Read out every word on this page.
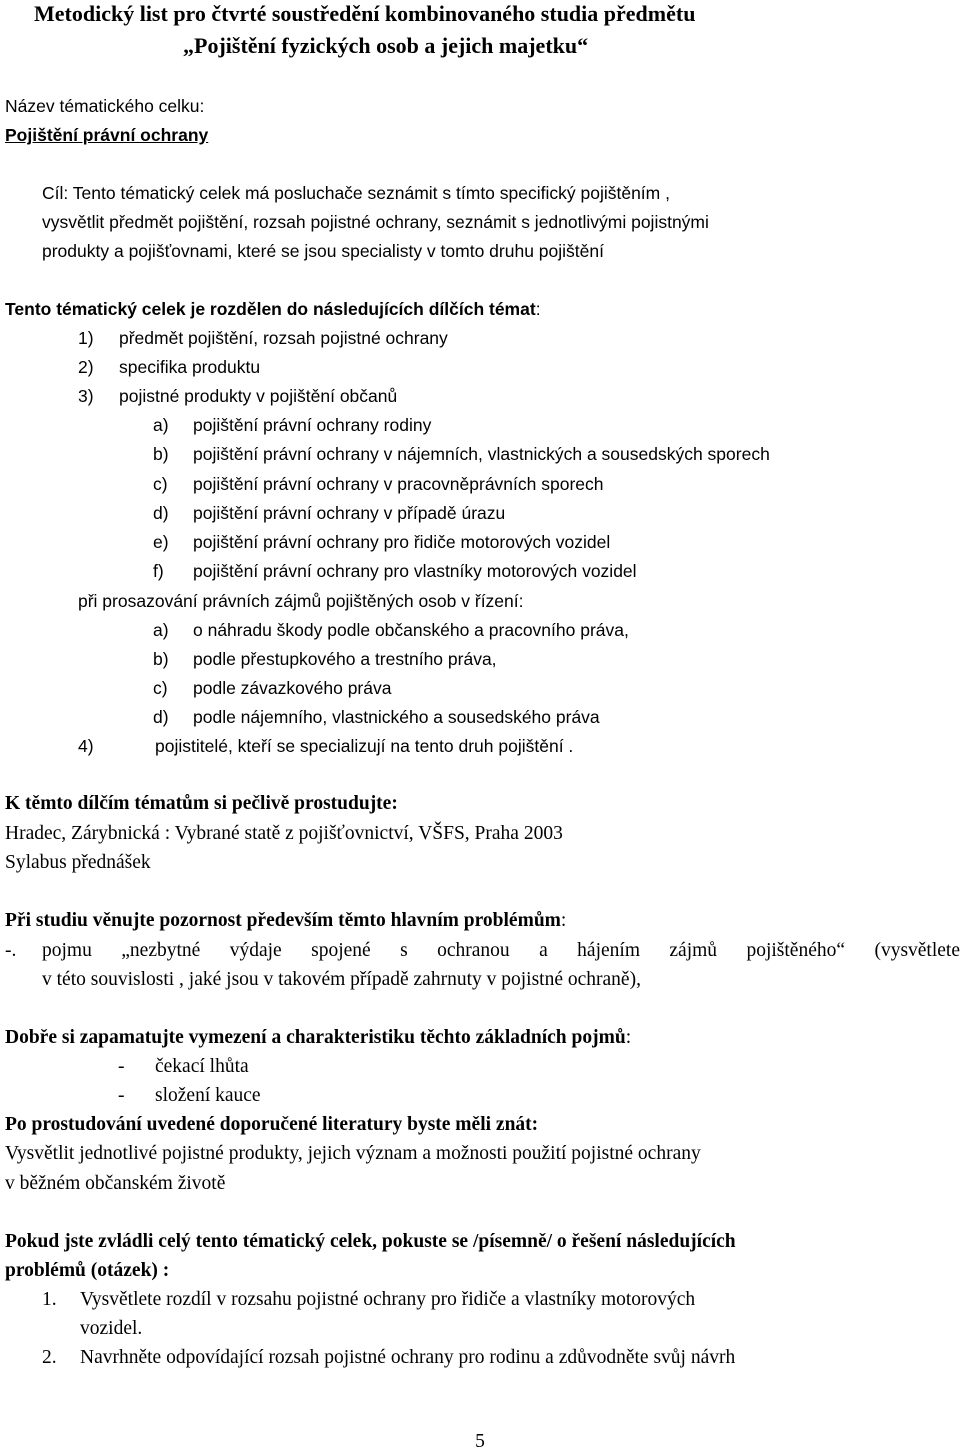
Metodický list pro čtvrté soustředění kombinovaného studia předmětu
„Pojištění fyzických osob a jejich majetku“
Název tématického celku:
Pojištění právní ochrany
Cíl: Tento tématický celek má posluchače seznámit s tímto specifický pojištěním ,
vysvětlit předmět pojištění, rozsah pojistné ochrany, seznámit s jednotlivými pojistnými
produkty a pojišťovnami, které se jsou specialisty v tomto druhu pojištění
Tento tématický celek je rozdělen do následujících dílčích témat:
1) předmět pojištění, rozsah pojistné ochrany
2) specifika produktu
3) pojistné produkty v pojištění občanů
a) pojištění právní ochrany rodiny
b) pojištění právní ochrany v nájemních, vlastnických a sousedských sporech
c) pojištění právní ochrany v pracovněprávních sporech
d) pojištění právní ochrany v případě úrazu
e) pojištění právní ochrany pro řidiče motorových vozidel
f) pojištění právní ochrany pro vlastníky motorových vozidel
při prosazování právních zájmů pojištěných osob v řízení:
a) o náhradu škody podle občanského a pracovního práva,
b) podle přestupkového a trestního práva,
c) podle závazkového práva
d) podle nájemního, vlastnického a sousedského práva
4)	pojistitelé, kteří se specializují na tento druh pojištění .
K těmto dílčím tématům si pečlivě prostudujte:
Hradec, Zárybnická : Vybrané statě z pojišťovnictví, VŠFS, Praha 2003
Sylabus přednášek
Při studiu věnujte pozornost především těmto hlavním problémům:
-. pojmu „nezbytné výdaje spojené s ochranou a hájením zájmů pojištěného“ (vysvětlete
v této souvislosti , jaké jsou v takovém případě zahrnuty v pojistné ochraně),
Dobře si zapamatujte vymezení a charakteristiku těchto základních pojmů:
- čekací lhůta
- složení kauce
Po prostudování uvedené doporučené literatury byste měli znát:
Vysvětlit jednotlivé pojistné produkty, jejich význam a možnosti použití pojistné ochrany
v běžném občanském životě
Pokud jste zvládli celý tento tématický celek, pokuste se /písemně/ o řešení následujících
problémů (otázek) :
1. Vysvětlete rozdíl v rozsahu pojistné ochrany pro řidiče a vlastníky motorových
vozidel.
2. Navrhněte odpovídající rozsah pojistné ochrany pro rodinu a zdůvodněte svůj návrh
5
